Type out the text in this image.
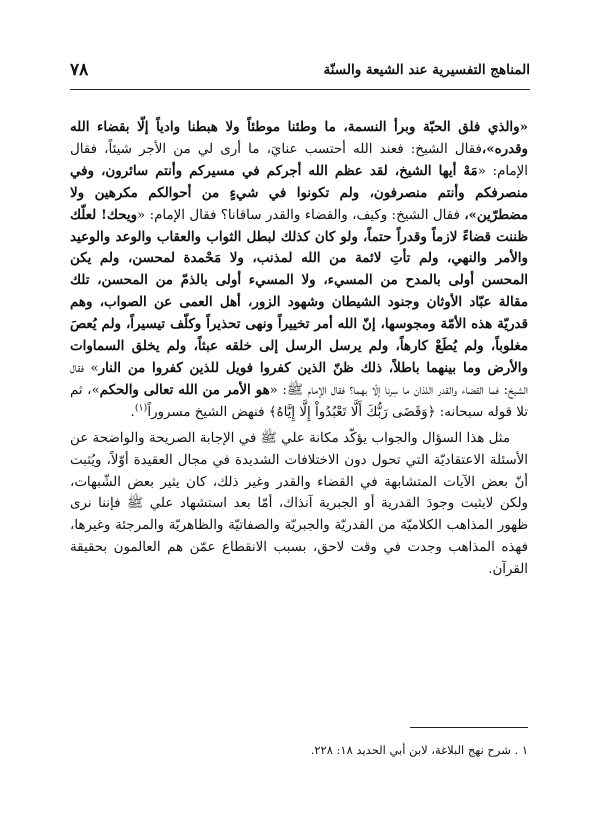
٧٨	المناهج التفسيرية عند الشيعة والسنّة

«والذي فلق الحبّة وبرأ النسمة، ما وطئنا موطئاً ولا هبطنا وادياً إلّا بقضاء الله وقدره»،فقال الشيخ: فعند الله أحتسب عنايَ، ما أرى لي من الأجر شيئاً، فقال الإمام: «مَهْ أيها الشيخ، لقد عظم الله أجركم في مسيركم وأنتم سائرون، وفي منصرفكم وأنتم منصرفون، ولم تكونوا في شيءٍ من أحوالكم مكرهين ولا مضطرّين»، فقال الشيخ: وكيف، والقضاء والقدر ساقانا؟ فقال الإمام: «ويحك! لعلّك ظننت قضاءً لازماً وقدراً حتماً، ولو كان كذلك لبطل الثواب والعقاب والوعد والوعيد والأمر والنهي، ولم تأتِ لائمة من الله لمذنب، ولا مَحْمدة لمحسن، ولم يكن المحسن أولى بالمدح من المسيء، ولا المسيء أولى بالذمّ من المحسن، تلك مقالة عبّاد الأوثان وجنود الشيطان وشهود الزور، أهل العمى عن الصواب، وهم قدريّة هذه الأمّة ومجوسها، إنّ الله أمر تخييراً ونهى تحذيراً وكلّف تيسيراً، ولم يُعصَ مغلوباً، ولم يُطَعْ كارهاً، ولم يرسل الرسل إلى خلقه عبثاً، ولم يخلق السماوات والأرض وما بينهما باطلاً، ذلك ظنّ الذين كفروا فويل للذين كفروا من النار» فقال الشيخ: فما القضاء والقدر اللذان ما سِرنا إلّا بهما؟ فقال الإمام ﷺ: «هو الأمر من الله تعالى والحكم»، ثم تلا قوله سبحانه: ﴿وَقَضَى رَبُّكَ أَلَّا تَعْبُدُواْ إِلَّا إِيَّاهُ﴾ فنهض الشيخ مسروراً$^{(١)}$.

مثل هذا السؤال والجواب يؤكّد مكانة علي ﷺ في الإجابة الصريحة والواضحة عن الأسئلة الاعتقاديّة التي تحول دون الاختلافات الشديدة في مجال العقيدة أوّلاً، ويُثبت أنّ بعض الآيات المتشابهة في القضاء والقدر وغير ذلك، كان يثير بعض الشّبهات، ولكن لايثبت وجودَ القدرية أو الجبرية آنذاك، أمّا بعد استشهاد علي ﷺ فإننا نرى ظهور المذاهب الكلاميّة من القدريّة والجبريّة والصفاتيّة والظاهريّة والمرجئة وغيرها، فهذه المذاهب وجدت في وقت لاحق، بسبب الانقطاع عمّن هم العالمون بحقيقة القرآن.

١ . شرح نهج البلاغة، لابن أبي الحديد ١٨: ٢٢٨.
